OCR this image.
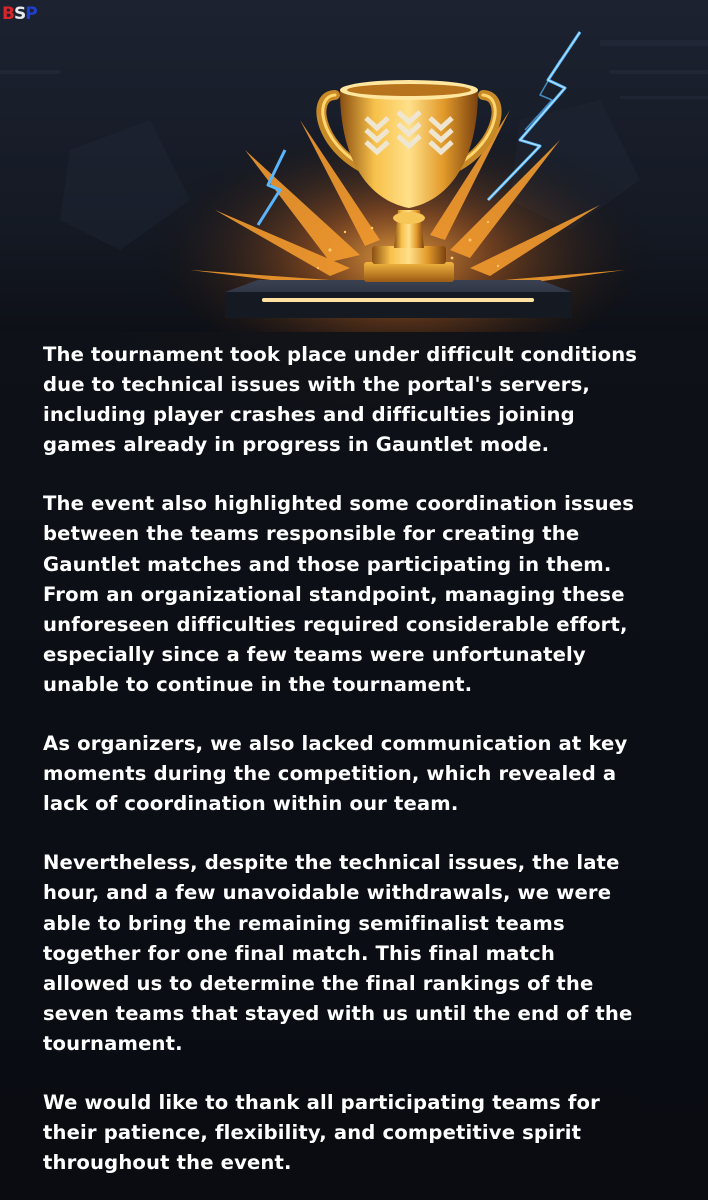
BSP

The tournament took place under difficult conditions
due to technical issues with the portal's servers,
including player crashes and difficulties joining
games already in progress in Gauntlet mode.

The event also highlighted some coordination issues
between the teams responsible for creating the
Gauntlet matches and those participating in them.
From an organizational standpoint, managing these
unforeseen difficulties required considerable effort,
especially since a few teams were unfortunately
unable to continue in the tournament.

As organizers, we also lacked communication at key
moments during the competition, which revealed a
lack of coordination within our team.

Nevertheless, despite the technical issues, the late
hour, and a few unavoidable withdrawals, we were
able to bring the remaining semifinalist teams
together for one final match. This final match
allowed us to determine the final rankings of the
seven teams that stayed with us until the end of the
tournament.

We would like to thank all participating teams for
their patience, flexibility, and competitive spirit
throughout the event.
